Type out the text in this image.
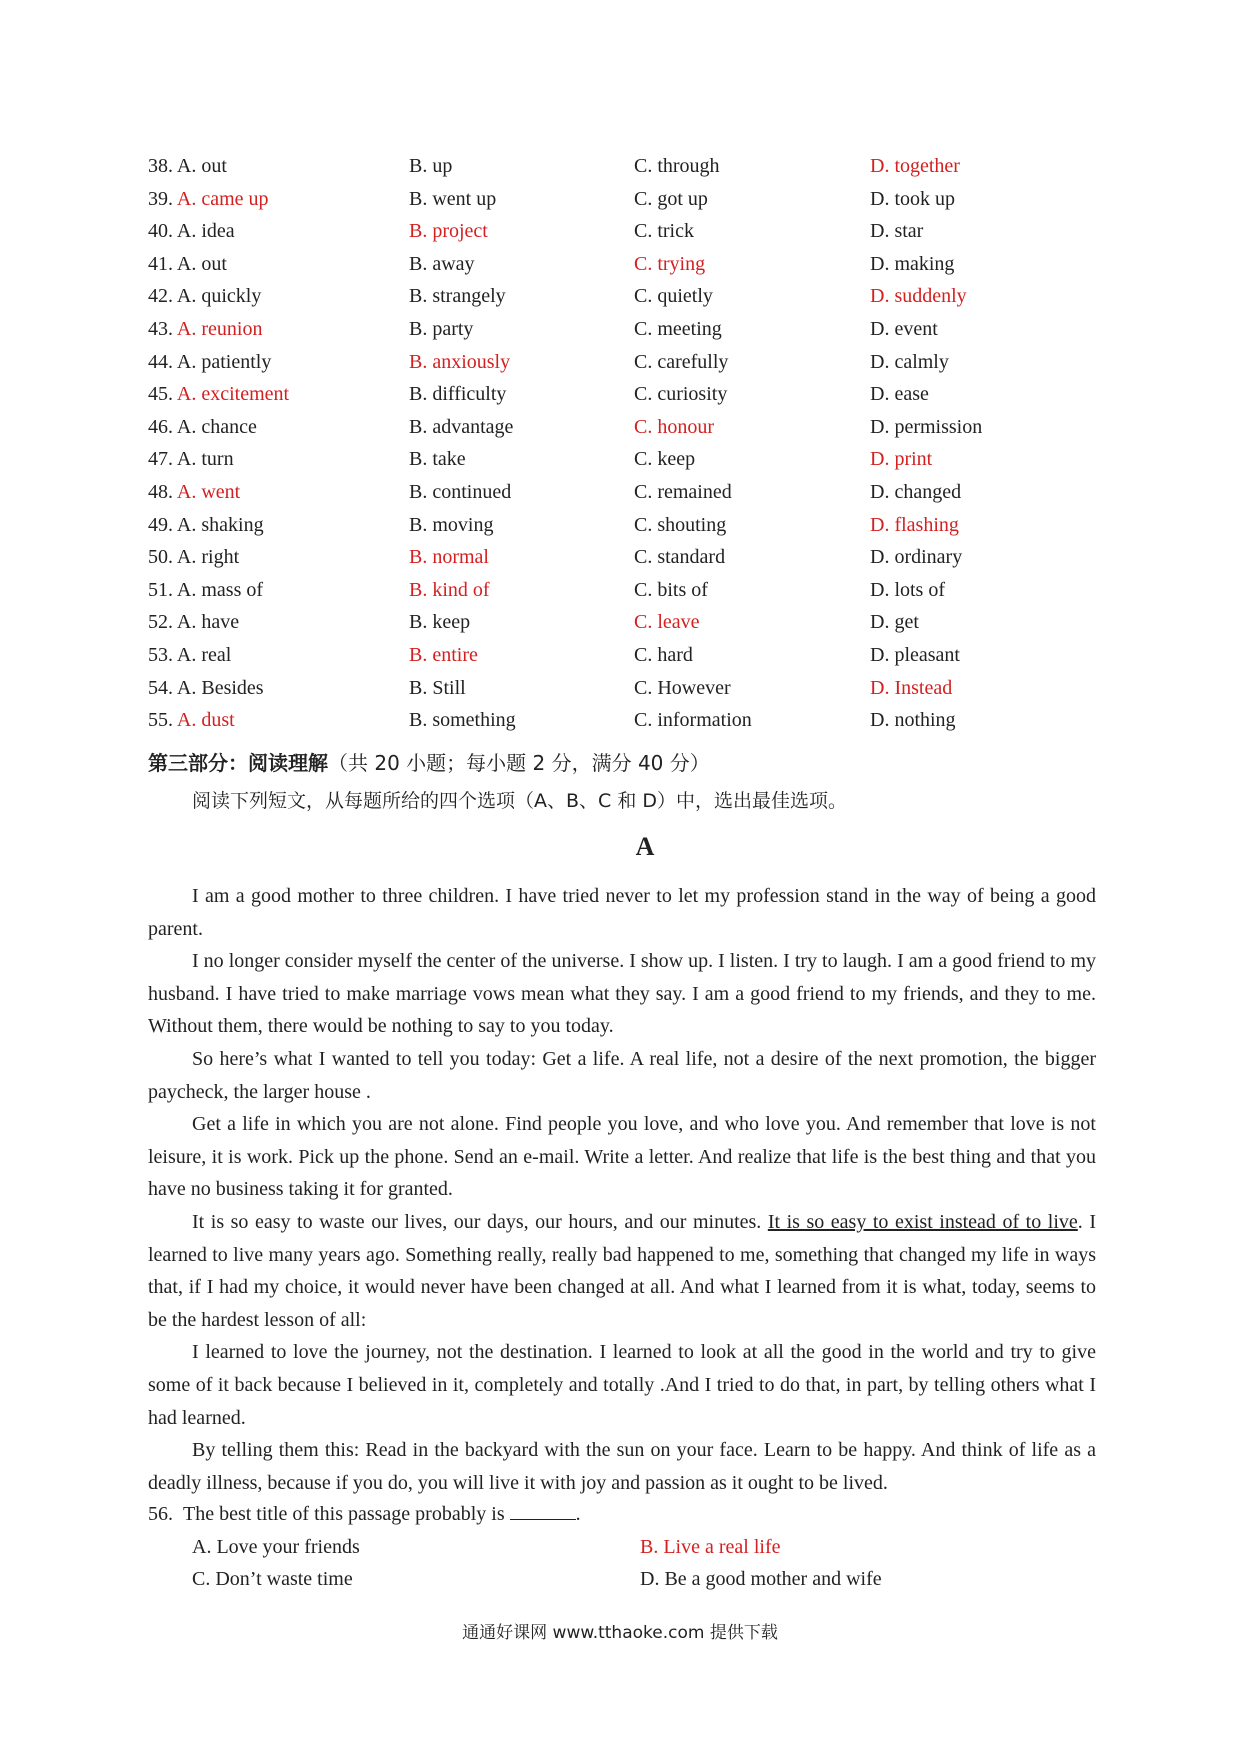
38. A. out	B. up	C. through	D. together
39. A. came up	B. went up	C. got up	D. took up
40. A. idea	B. project	C. trick	D. star
41. A. out	B. away	C. trying	D. making
42. A. quickly	B. strangely	C. quietly	D. suddenly
43. A. reunion	B. party	C. meeting	D. event
44. A. patiently	B. anxiously	C. carefully	D. calmly
45. A. excitement	B. difficulty	C. curiosity	D. ease
46. A. chance	B. advantage	C. honour	D. permission
47. A. turn	B. take	C. keep	D. print
48. A. went	B. continued	C. remained	D. changed
49. A. shaking	B. moving	C. shouting	D. flashing
50. A. right	B. normal	C. standard	D. ordinary
51. A. mass of	B. kind of	C. bits of	D. lots of
52. A. have	B. keep	C. leave	D. get
53. A. real	B. entire	C. hard	D. pleasant
54. A. Besides	B. Still	C. However	D. Instead
55. A. dust	B. something	C. information	D. nothing
第三部分：阅读理解（共 20 小题；每小题 2 分，满分 40 分）
阅读下列短文，从每题所给的四个选项（A、B、C 和 D）中，选出最佳选项。
A

I am a good mother to three children. I have tried never to let my profession stand in the way of being a good parent.

I no longer consider myself the center of the universe. I show up. I listen. I try to laugh. I am a good friend to my husband. I have tried to make marriage vows mean what they say. I am a good friend to my friends, and they to me. Without them, there would be nothing to say to you today.

So here’s what I wanted to tell you today: Get a life. A real life, not a desire of the next promotion, the bigger paycheck, the larger house .

Get a life in which you are not alone. Find people you love, and who love you. And remember that love is not leisure, it is work. Pick up the phone. Send an e-mail. Write a letter. And realize that life is the best thing and that you have no business taking it for granted.

It is so easy to waste our lives, our days, our hours, and our minutes. It is so easy to exist instead of to live. I learned to live many years ago. Something really, really bad happened to me, something that changed my life in ways that, if I had my choice, it would never have been changed at all. And what I learned from it is what, today, seems to be the hardest lesson of all:

I learned to love the journey, not the destination. I learned to look at all the good in the world and try to give some of it back because I believed in it, completely and totally .And I tried to do that, in part, by telling others what I had learned.

By telling them this: Read in the backyard with the sun on your face. Learn to be happy. And think of life as a deadly illness, because if you do, you will live it with joy and passion as it ought to be lived.

56. The best title of this passage probably is	.
A. Love your friends	B. Live a real life
C. Don’t waste time	D. Be a good mother and wife
通通好课网 www.tthaoke.com 提供下载
